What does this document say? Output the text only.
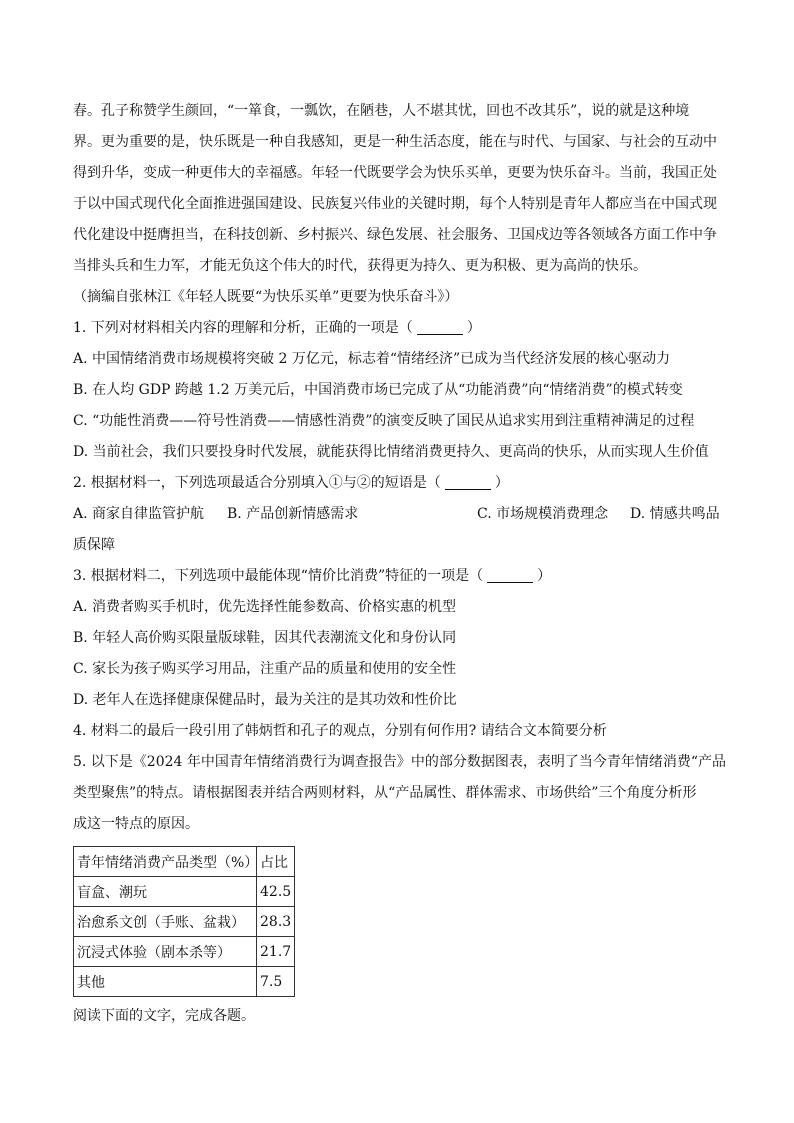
春。孔子称赞学生颜回，“一箪食，一瓢饮，在陋巷，人不堪其忧，回也不改其乐”，说的就是这种境

界。更为重要的是，快乐既是一种自我感知，更是一种生活态度，能在与时代、与国家、与社会的互动中

得到升华，变成一种更伟大的幸福感。年轻一代既要学会为快乐买单，更要为快乐奋斗。当前，我国正处

于以中国式现代化全面推进强国建设、民族复兴伟业的关键时期，每个人特别是青年人都应当在中国式现

代化建设中挺膺担当，在科技创新、乡村振兴、绿色发展、社会服务、卫国戍边等各领域各方面工作中争

当排头兵和生力军，才能无负这个伟大的时代，获得更为持久、更为积极、更为高尚的快乐。

（摘编自张林江《年轻人既要“为快乐买单”更要为快乐奋斗》）

1. 下列对材料相关内容的理解和分析，正确的一项是（	）

A. 中国情绪消费市场规模将突破 2 万亿元，标志着“情绪经济”已成为当代经济发展的核心驱动力

B. 在人均 GDP 跨越 1.2 万美元后，中国消费市场已完成了从“功能消费”向“情绪消费”的模式转变

C. “功能性消费——符号性消费——情感性消费”的演变反映了国民从追求实用到注重精神满足的过程

D. 当前社会，我们只要投身时代发展，就能获得比情绪消费更持久、更高尚的快乐，从而实现人生价值

2. 根据材料一，下列选项最适合分别填入①与②的短语是（	）

A. 商家自律监管护航 B. 产品创新情感需求	C. 市场规模消费理念 D. 情感共鸣品

质保障

3. 根据材料二，下列选项中最能体现“情价比消费”特征的一项是（	）

A. 消费者购买手机时，优先选择性能参数高、价格实惠的机型

B. 年轻人高价购买限量版球鞋，因其代表潮流文化和身份认同

C. 家长为孩子购买学习用品，注重产品的质量和使用的安全性

D. 老年人在选择健康保健品时，最为关注的是其功效和性价比

4. 材料二的最后一段引用了韩炳哲和孔子的观点，分别有何作用? 请结合文本简要分析

5. 以下是《2024 年中国青年情绪消费行为调查报告》中的部分数据图表，表明了当今青年情绪消费“产品

类型聚焦”的特点。请根据图表并结合两则材料，从“产品属性、群体需求、市场供给”三个角度分析形

成这一特点的原因。

青年情绪消费产品类型（%）	占比
盲盒、潮玩	42.5
治愈系文创（手账、盆栽）	28.3
沉浸式体验（剧本杀等）	21.7
其他	7.5

阅读下面的文字，完成各题。
